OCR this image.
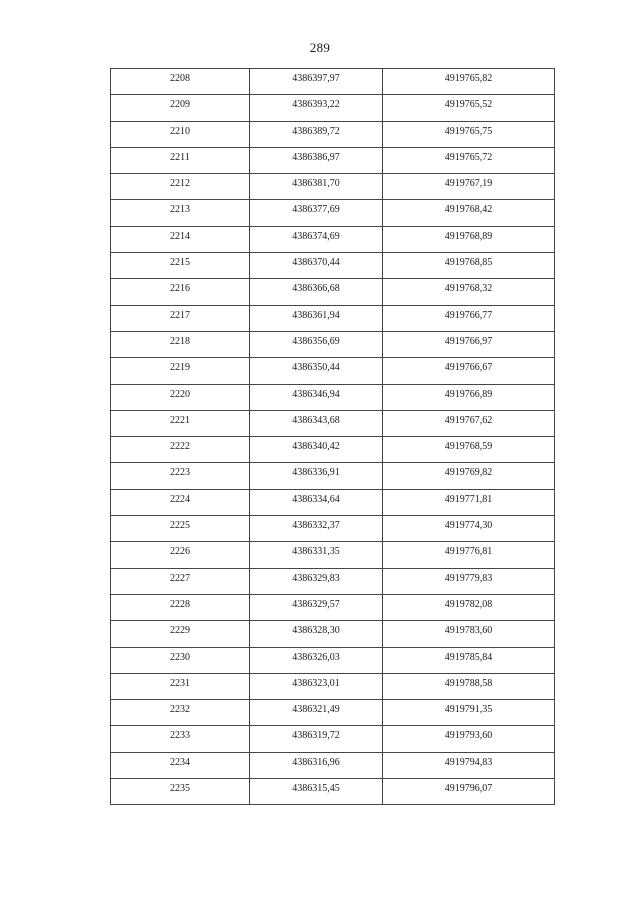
289
2208	4386397,97	4919765,82
2209	4386393,22	4919765,52
2210	4386389,72	4919765,75
2211	4386386,97	4919765,72
2212	4386381,70	4919767,19
2213	4386377,69	4919768,42
2214	4386374,69	4919768,89
2215	4386370,44	4919768,85
2216	4386366,68	4919768,32
2217	4386361,94	4919766,77
2218	4386356,69	4919766,97
2219	4386350,44	4919766,67
2220	4386346,94	4919766,89
2221	4386343,68	4919767,62
2222	4386340,42	4919768,59
2223	4386336,91	4919769,82
2224	4386334,64	4919771,81
2225	4386332,37	4919774,30
2226	4386331,35	4919776,81
2227	4386329,83	4919779,83
2228	4386329,57	4919782,08
2229	4386328,30	4919783,60
2230	4386326,03	4919785,84
2231	4386323,01	4919788,58
2232	4386321,49	4919791,35
2233	4386319,72	4919793,60
2234	4386316,96	4919794,83
2235	4386315,45	4919796,07
